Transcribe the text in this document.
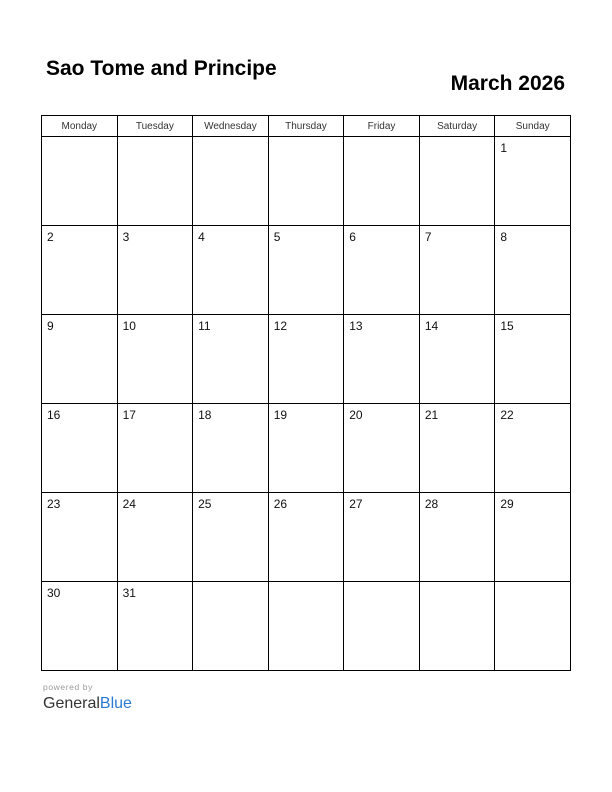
Sao Tome and Principe
March 2026
Monday	Tuesday	Wednesday	Thursday	Friday	Saturday	Sunday

						1

2	3	4	5	6	7	8

9	10	11	12	13	14	15

16	17	18	19	20	21	22

23	24	25	26	27	28	29

30	31					

powered by
GeneralBlue
